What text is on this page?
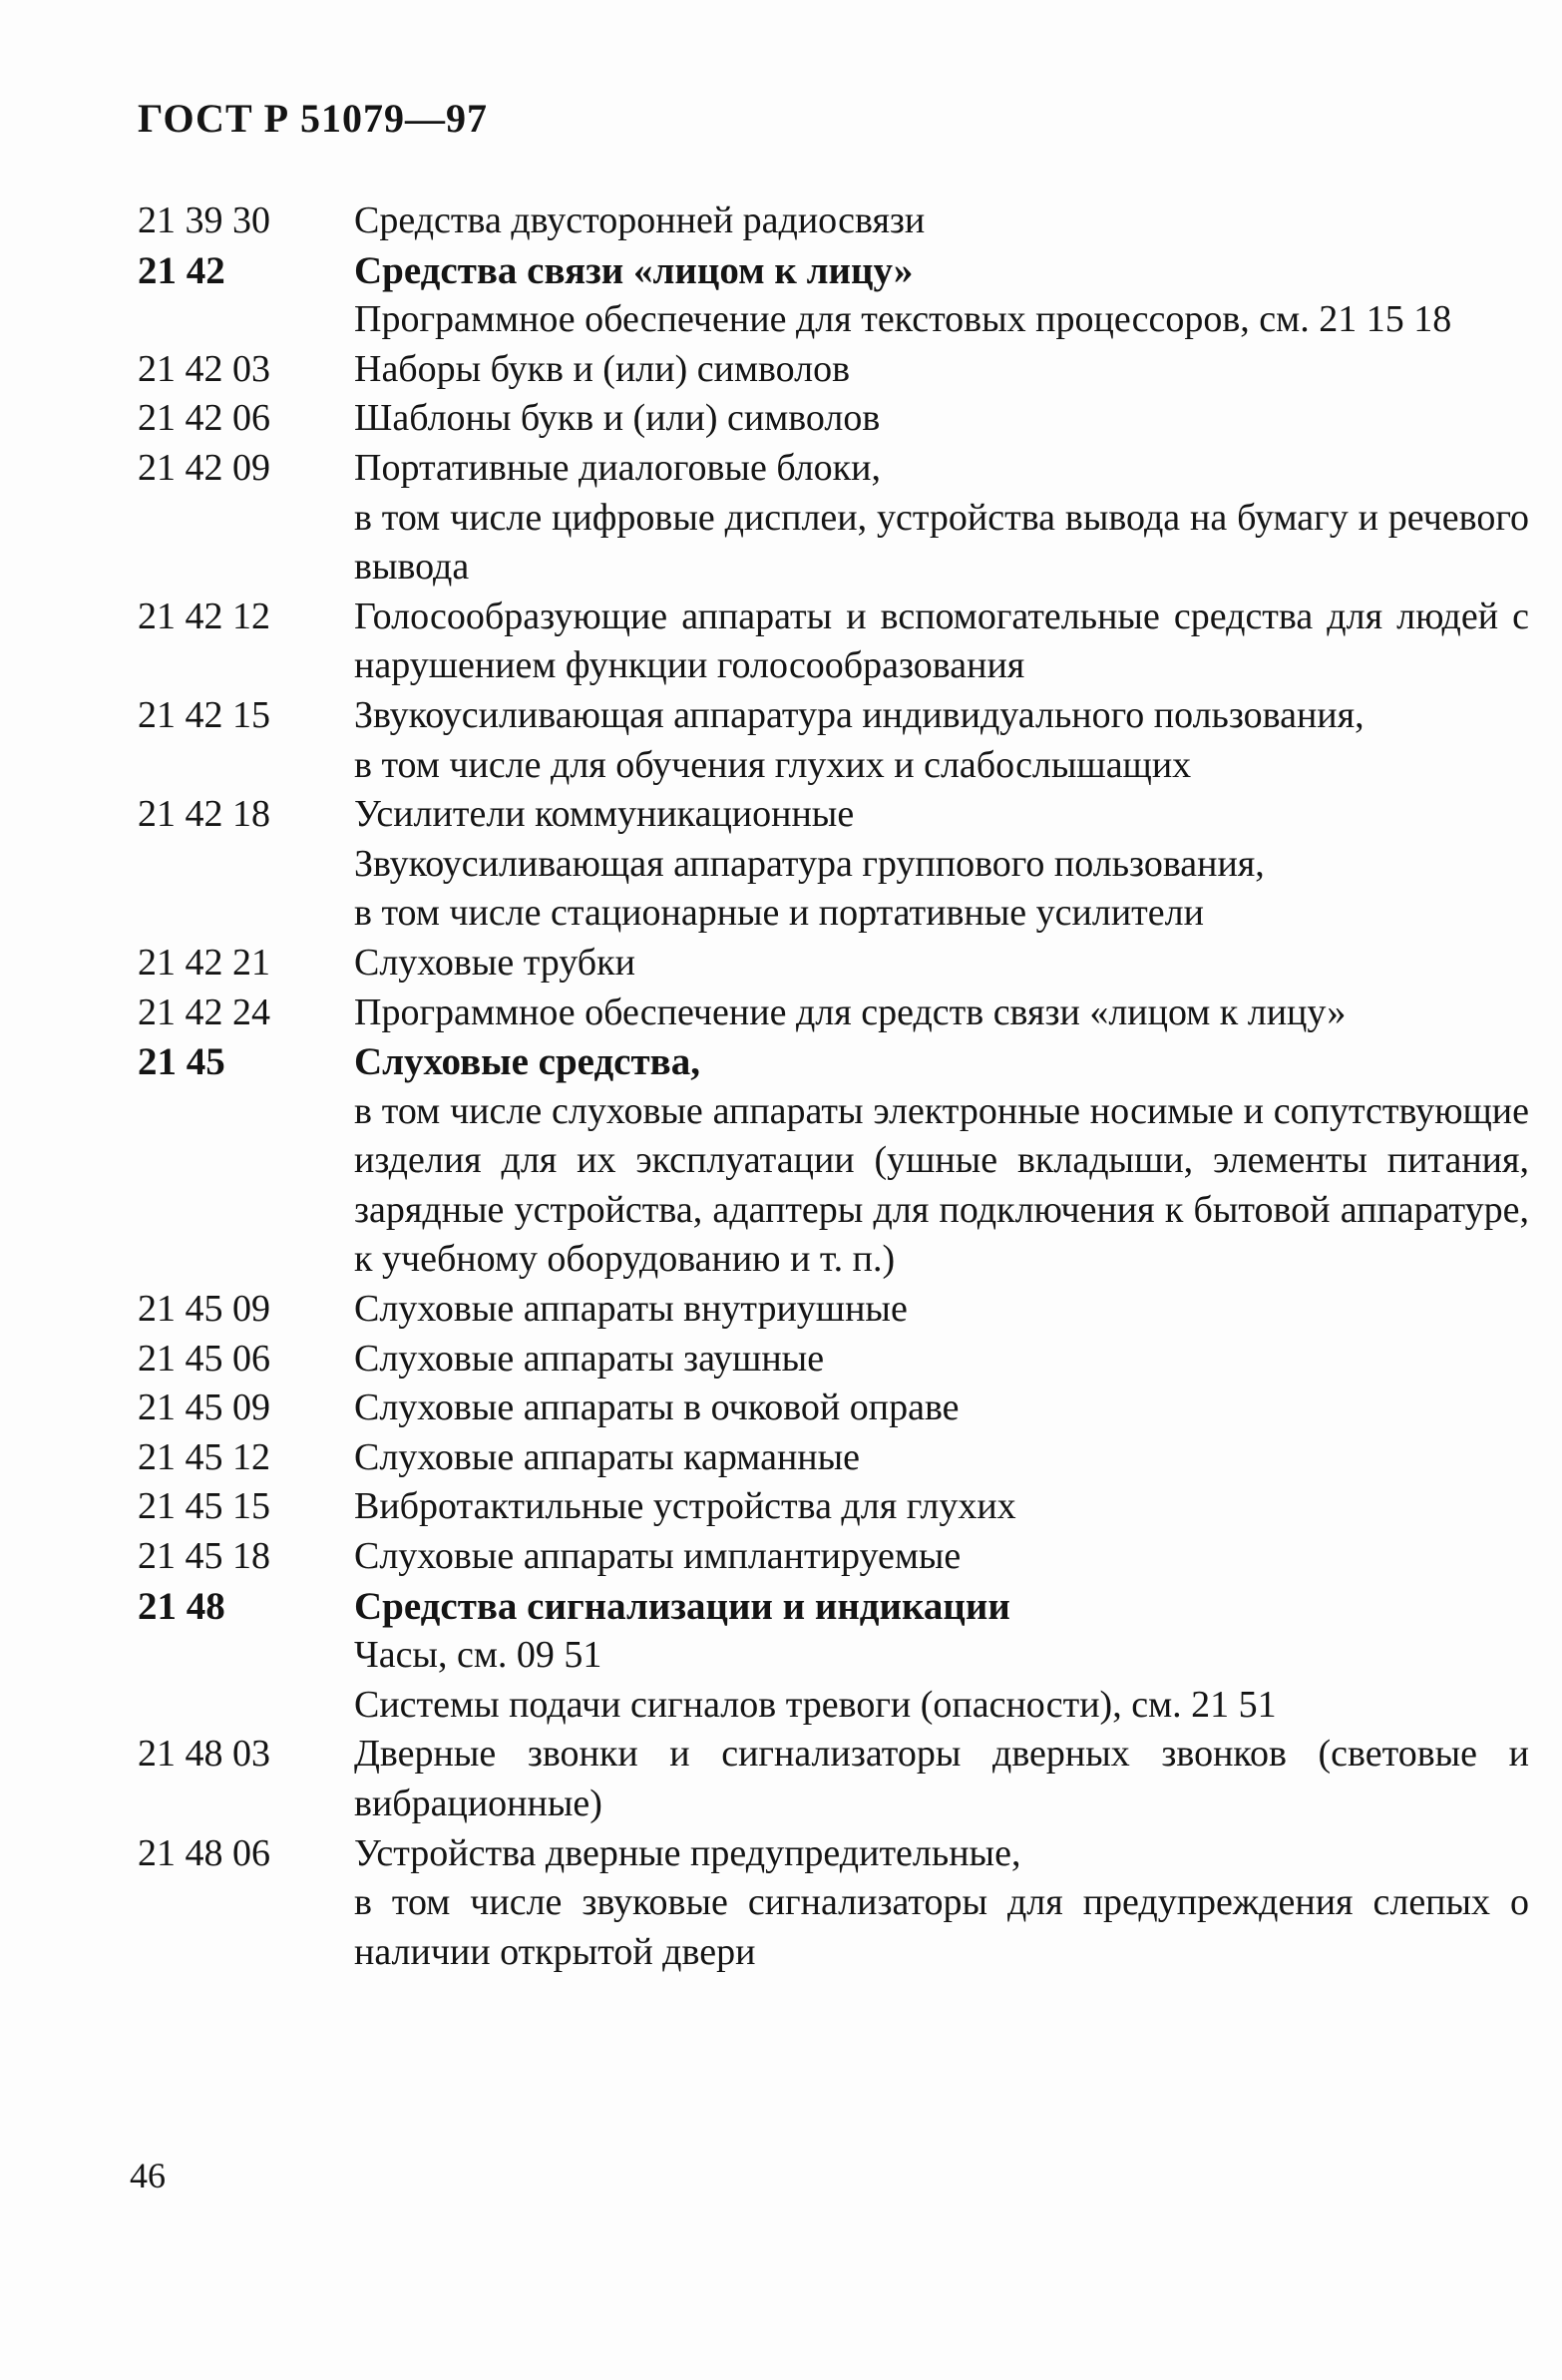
ГОСТ Р 51079—97
21 39 30	Средства двусторонней радиосвязи
21 42	Средства связи «лицом к лицу»
Программное обеспечение для текстовых процессоров, см. 21 15 18
21 42 03	Наборы букв и (или) символов
21 42 06	Шаблоны букв и (или) символов
21 42 09	Портативные диалоговые блоки,
в том числе цифровые дисплеи, устройства вывода на бумагу и речевого вывода
21 42 12	Голосообразующие аппараты и вспомогательные средства для людей с нарушением функции голосообразования
21 42 15	Звукоусиливающая аппаратура индивидуального пользования,
в том числе для обучения глухих и слабослышащих
21 42 18	Усилители коммуникационные
Звукоусиливающая аппаратура группового пользования,
в том числе стационарные и портативные усилители
21 42 21	Слуховые трубки
21 42 24	Программное обеспечение для средств связи «лицом к лицу»
21 45	Слуховые средства,
в том числе слуховые аппараты электронные носимые и сопутствующие изделия для их эксплуатации (ушные вкладыши, элементы питания, зарядные устройства, адаптеры для подключения к бытовой аппаратуре, к учебному оборудованию и т. п.)
21 45 09	Слуховые аппараты внутриушные
21 45 06	Слуховые аппараты заушные
21 45 09	Слуховые аппараты в очковой оправе
21 45 12	Слуховые аппараты карманные
21 45 15	Вибротактильные устройства для глухих
21 45 18	Слуховые аппараты имплантируемые
21 48	Средства сигнализации и индикации
Часы, см. 09 51
Системы подачи сигналов тревоги (опасности), см. 21 51
21 48 03	Дверные звонки и сигнализаторы дверных звонков (световые и вибрационные)
21 48 06	Устройства дверные предупредительные,
в том числе звуковые сигнализаторы для предупреждения слепых о наличии открытой двери
46
